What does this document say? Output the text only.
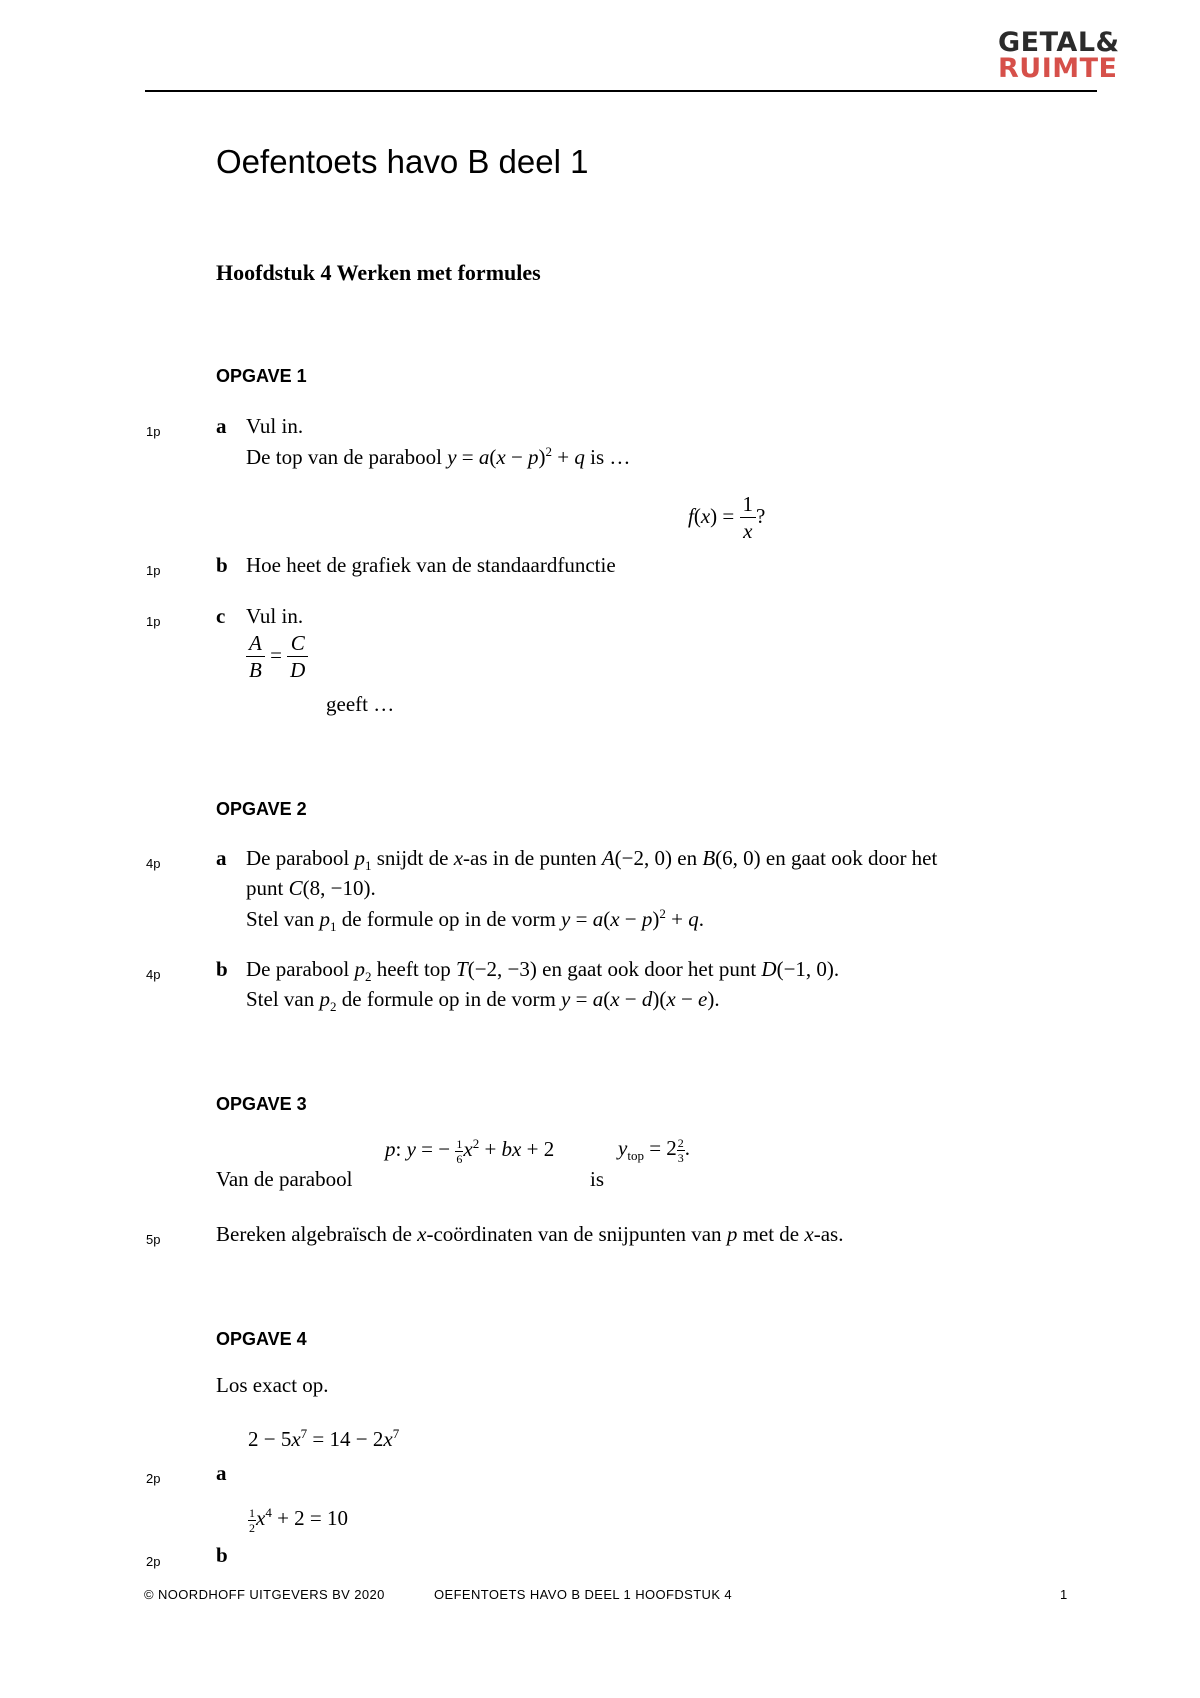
GETAL&
RUIMTE
Oefentoets havo B deel 1
Hoofdstuk 4 Werken met formules
OPGAVE 1
1p	a Vul in.
De top van de parabool $y = a(x - p)^2 + q$ is …
$f(x) = \frac{1}{x}$ ?
1p	b Hoe heet de grafiek van de standaardfunctie
1p	c Vul in.
$\frac{A}{B} = \frac{C}{D}$
geeft …
OPGAVE 2
4p	a De parabool $p_1$ snijdt de x-as in de punten A(−2, 0) en B(6, 0) en gaat ook door het
punt C(8, −10).
Stel van $p_1$ de formule op in de vorm $y = a(x - p)^2 + q$.
4p	b De parabool $p_2$ heeft top T(−2, −3) en gaat ook door het punt D(−1, 0).
Stel van $p_2$ de formule op in de vorm y = a(x − d)(x − e).
OPGAVE 3
p: y = − $\frac{1}{6} x^2$ + bx + 2	$y_{top} = 2 \frac{2}{3}$ .
Van de parabool	is
5p	Bereken algebraïsch de x-coördinaten van de snijpunten van p met de x-as.
OPGAVE 4
Los exact op.
$2 - 5x^7 = 14 - 2x^7$
2p	a
$\frac{1}{2} x^4 + 2 = 10$
2p	b
© NOORDHOFF UITGEVERS BV 2020	OEFENTOETS HAVO B DEEL 1 HOOFDSTUK 4	1
